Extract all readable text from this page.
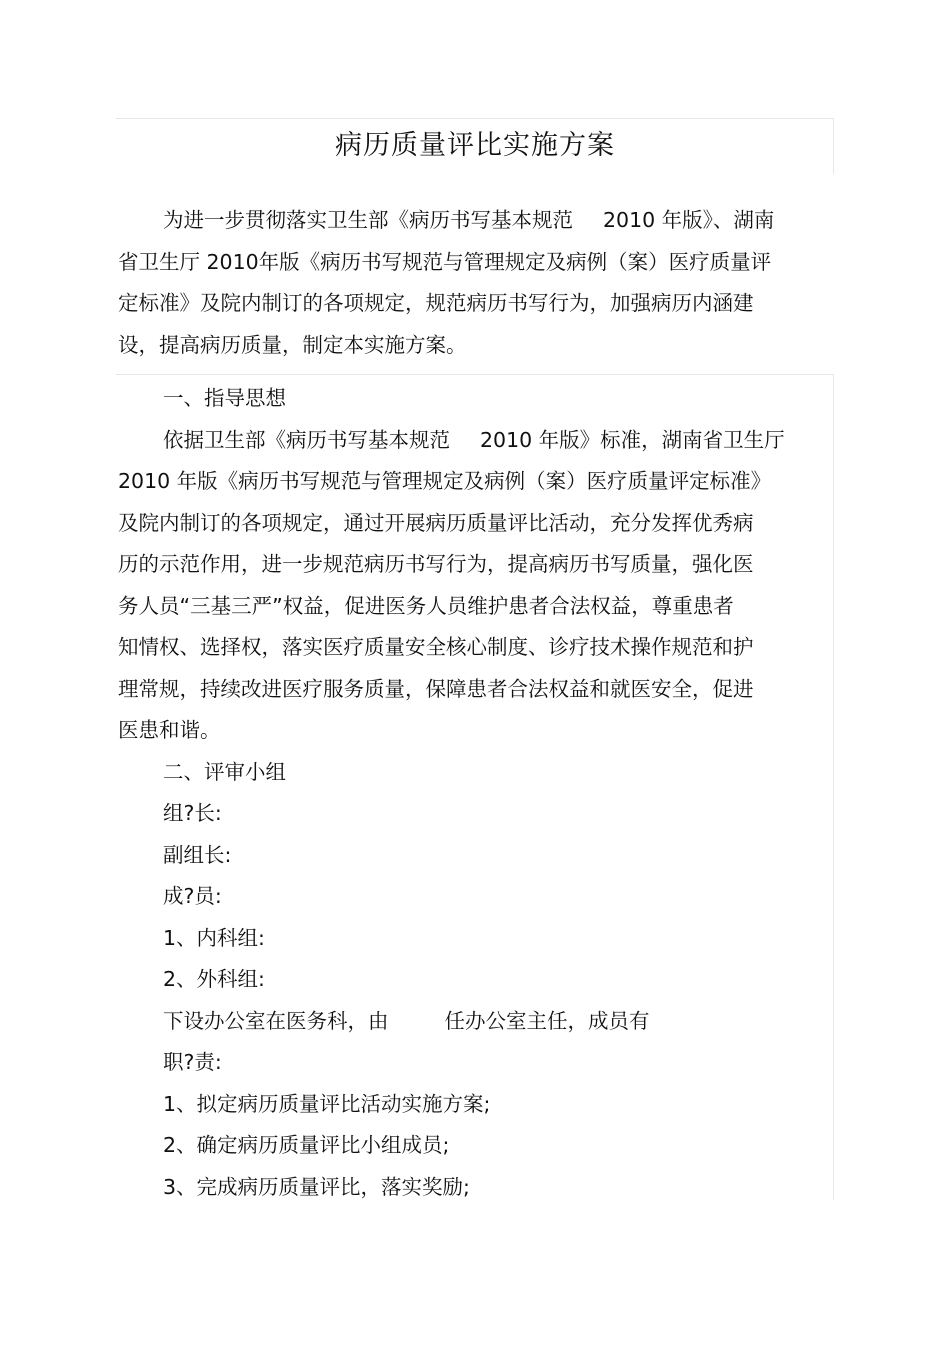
病历质量评比实施方案
为进一步贯彻落实卫生部《病历书写基本规范 2010 年版》、湖南
省卫生厅 2010年版《病历书写规范与管理规定及病例（案）医疗质量评
定标准》及院内制订的各项规定，规范病历书写行为，加强病历内涵建
设，提高病历质量，制定本实施方案。
一、指导思想
依据卫生部《病历书写基本规范 2010 年版》标准，湖南省卫生厅
2010 年版《病历书写规范与管理规定及病例（案）医疗质量评定标准》
及院内制订的各项规定，通过开展病历质量评比活动，充分发挥优秀病
历的示范作用，进一步规范病历书写行为，提高病历书写质量，强化医
务人员“三基三严”权益，促进医务人员维护患者合法权益，尊重患者
知情权、选择权，落实医疗质量安全核心制度、诊疗技术操作规范和护
理常规，持续改进医疗服务质量，保障患者合法权益和就医安全，促进
医患和谐。
二、评审小组
组?长:
副组长:
成?员:
1、内科组:
2、外科组:
下设办公室在医务科，由	任办公室主任，成员有
职?责:
1、拟定病历质量评比活动实施方案;
2、确定病历质量评比小组成员;
3、完成病历质量评比，落实奖励;
